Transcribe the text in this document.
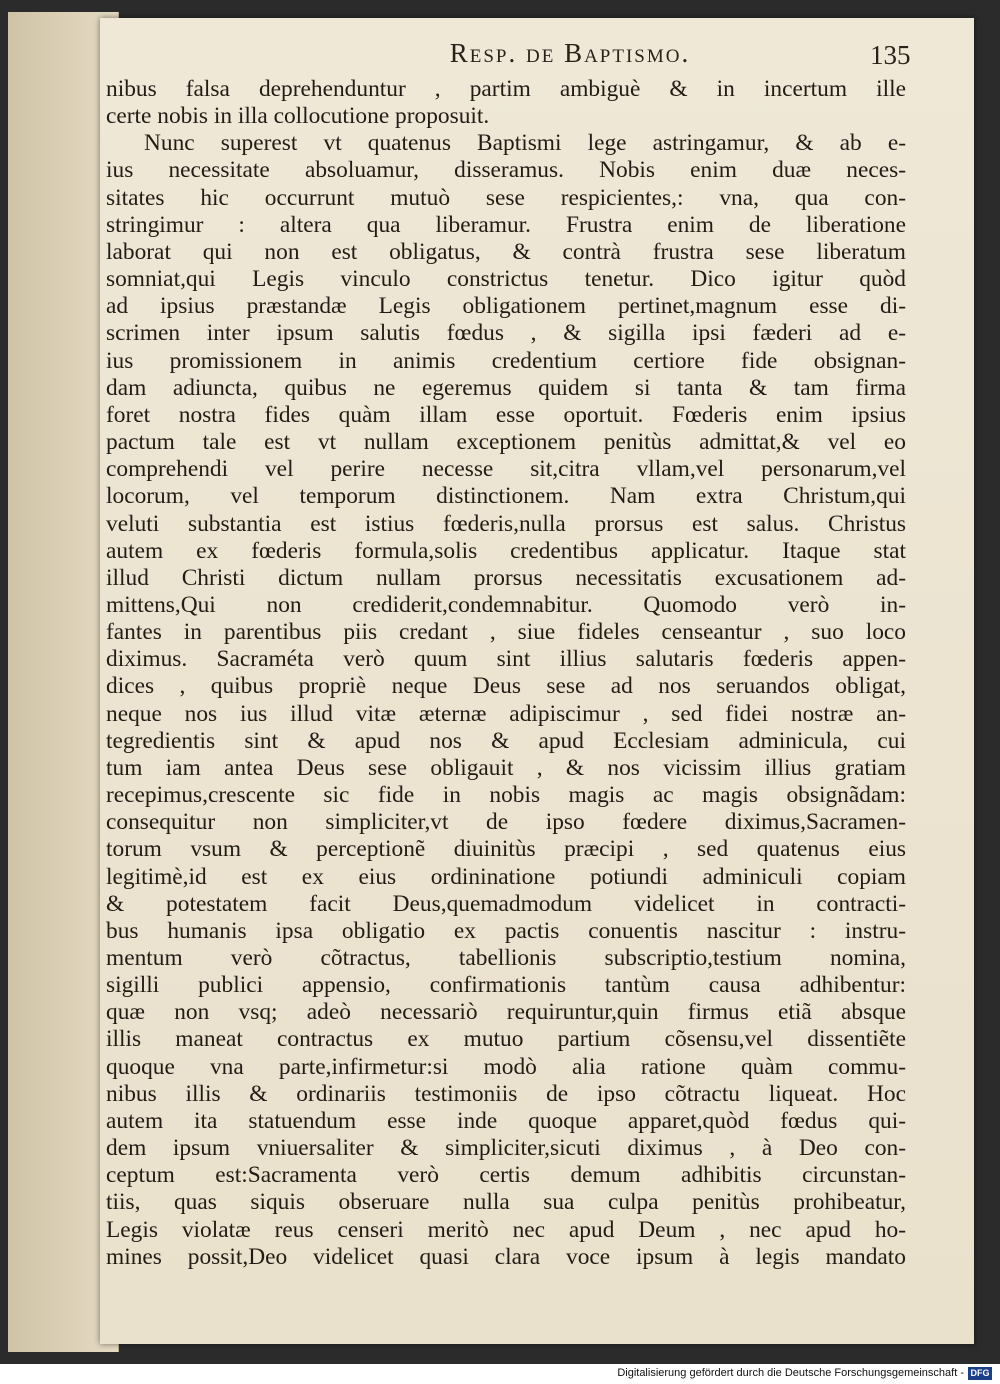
Resp. de Baptismo.	135
nibus falsa deprehenduntur , partim ambiguè & in incertum ille
certe nobis in illa collocutione proposuit.
Nunc superest vt quatenus Baptismi lege astringamur, & ab e-
ius necessitate absoluamur, disseramus. Nobis enim duæ neces-
sitates hic occurrunt mutuò sese respicientes,: vna, qua con-
stringimur : altera qua liberamur. Frustra enim de liberatione
laborat qui non est obligatus, & contrà frustra sese liberatum
somniat,qui Legis vinculo constrictus tenetur. Dico igitur quòd
ad ipsius præstandæ Legis obligationem pertinet,magnum esse di-
scrimen inter ipsum salutis fœdus , & sigilla ipsi fæderi ad e-
ius promissionem in animis credentium certiore fide obsignan-
dam adiuncta, quibus ne egeremus quidem si tanta & tam firma
foret nostra fides quàm illam esse oportuit. Fœderis enim ipsius
pactum tale est vt nullam exceptionem penitùs admittat,& vel eo
comprehendi vel perire necesse sit,citra vllam,vel personarum,vel
locorum, vel temporum distinctionem. Nam extra Christum,qui
veluti substantia est istius fœderis,nulla prorsus est salus. Christus
autem ex fœderis formula,solis credentibus applicatur. Itaque stat
illud Christi dictum nullam prorsus necessitatis excusationem ad-
mittens,Qui non crediderit,condemnabitur. Quomodo verò in-
fantes in parentibus piis credant , siue fideles censeantur , suo loco
diximus. Sacraméta verò quum sint illius salutaris fœderis appen-
dices , quibus propriè neque Deus sese ad nos seruandos obligat,
neque nos ius illud vitæ æternæ adipiscimur , sed fidei nostræ an-
tegredientis sint & apud nos & apud Ecclesiam adminicula, cui
tum iam antea Deus sese obligauit , & nos vicissim illius gratiam
recepimus,crescente sic fide in nobis magis ac magis obsignãdam:
consequitur non simpliciter,vt de ipso fœdere diximus,Sacramen-
torum vsum & perceptionẽ diuinitùs præcipi , sed quatenus eius
legitimè,id est ex eius ordininatione potiundi adminiculi copiam
& potestatem facit Deus,quemadmodum videlicet in contracti-
bus humanis ipsa obligatio ex pactis conuentis nascitur : instru-
mentum verò cõtractus, tabellionis subscriptio,testium nomina,
sigilli publici appensio, confirmationis tantùm causa adhibentur:
quæ non vsq; adeò necessariò requiruntur,quin firmus etiã absque
illis maneat contractus ex mutuo partium cõsensu,vel dissentiẽte
quoque vna parte,infirmetur:si modò alia ratione quàm commu-
nibus illis & ordinariis testimoniis de ipso cõtractu liqueat. Hoc
autem ita statuendum esse inde quoque apparet,quòd fœdus qui-
dem ipsum vniuersaliter & simpliciter,sicuti diximus , à Deo con-
ceptum est:Sacramenta verò certis demum adhibitis circunstan-
tiis, quas siquis obseruare nulla sua culpa penitùs prohibeatur,
Legis violatæ reus censeri meritò nec apud Deum , nec apud ho-
mines possit,Deo videlicet quasi clara voce ipsum à legis mandato
Digitalisierung gefördert durch die Deutsche Forschungsgemeinschaft - DFG
